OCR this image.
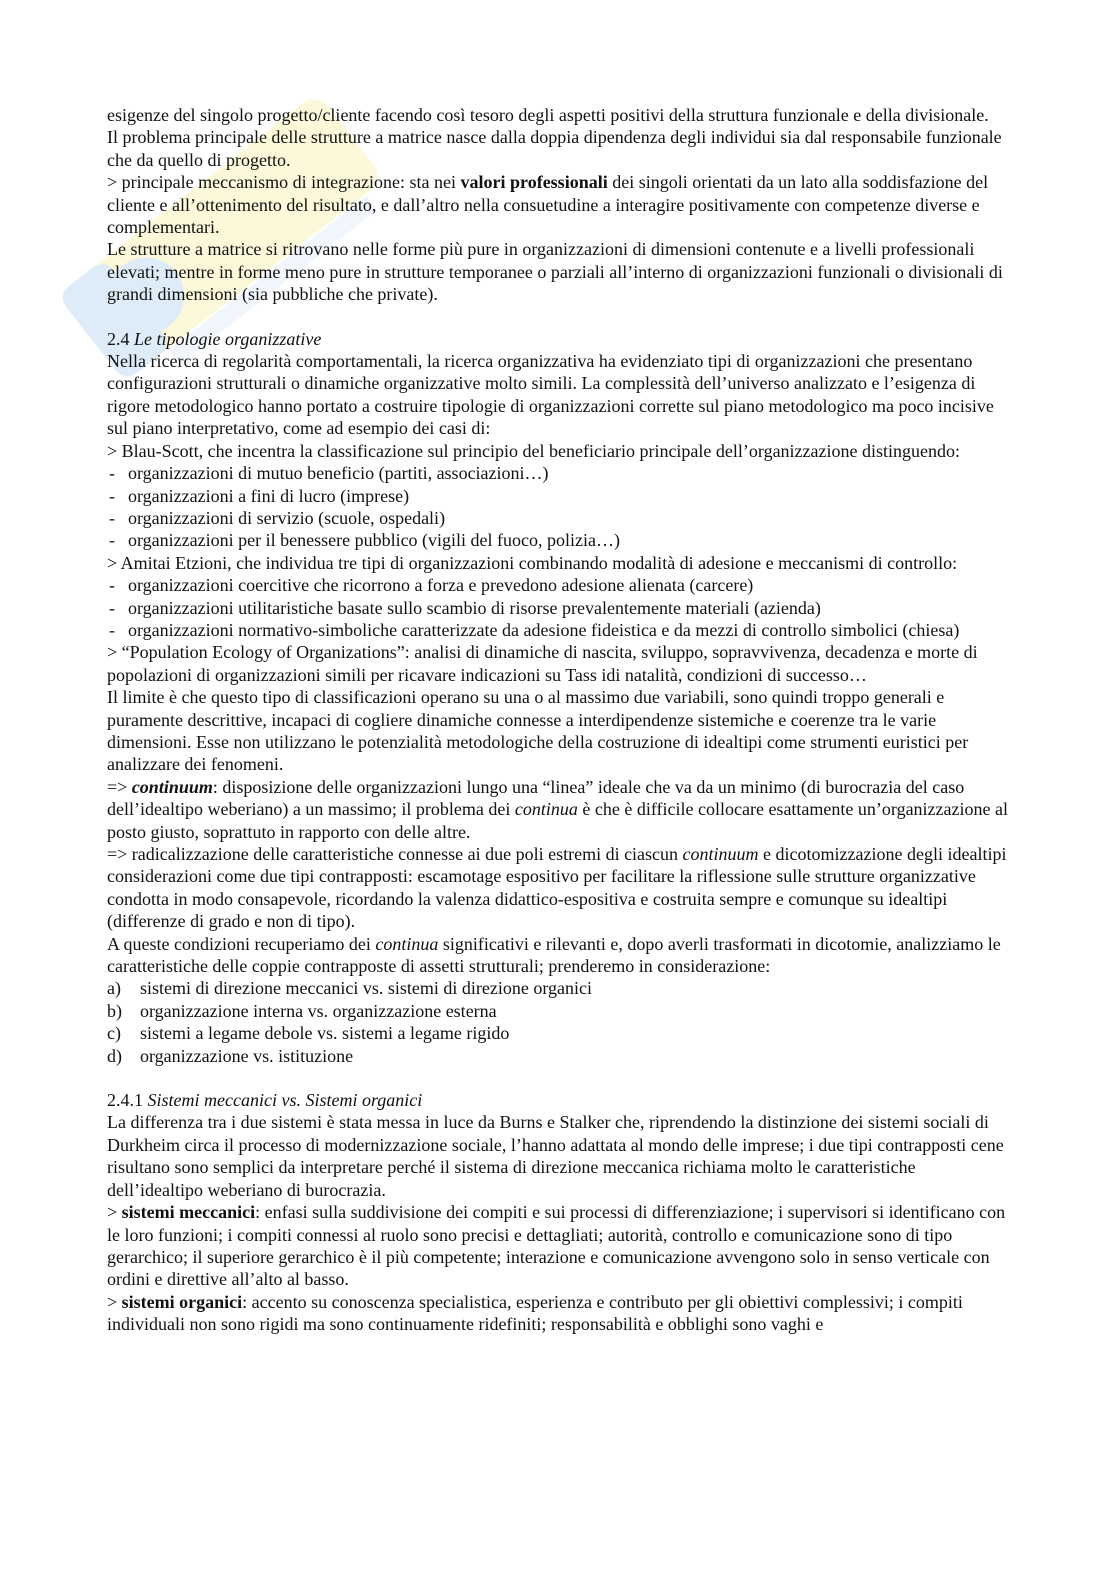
esigenze del singolo progetto/cliente facendo così tesoro degli aspetti positivi della struttura funzionale e della divisionale.

Il problema principale delle strutture a matrice nasce dalla doppia dipendenza degli individui sia dal responsabile funzionale che da quello di progetto.

> principale meccanismo di integrazione: sta nei valori professionali dei singoli orientati da un lato alla soddisfazione del cliente e all’ottenimento del risultato, e dall’altro nella consuetudine a interagire positivamente con competenze diverse e complementari.

Le strutture a matrice si ritrovano nelle forme più pure in organizzazioni di dimensioni contenute e a livelli professionali elevati; mentre in forme meno pure in strutture temporanee o parziali all’interno di organizzazioni funzionali o divisionali di grandi dimensioni (sia pubbliche che private).

2.4 Le tipologie organizzative

Nella ricerca di regolarità comportamentali, la ricerca organizzativa ha evidenziato tipi di organizzazioni che presentano configurazioni strutturali o dinamiche organizzative molto simili. La complessità dell’universo analizzato e l’esigenza di rigore metodologico hanno portato a costruire tipologie di organizzazioni corrette sul piano metodologico ma poco incisive sul piano interpretativo, come ad esempio dei casi di:

> Blau-Scott, che incentra la classificazione sul principio del beneficiario principale dell’organizzazione distinguendo:

- organizzazioni di mutuo beneficio (partiti, associazioni…)
- organizzazioni a fini di lucro (imprese)
- organizzazioni di servizio (scuole, ospedali)
- organizzazioni per il benessere pubblico (vigili del fuoco, polizia…)

> Amitai Etzioni, che individua tre tipi di organizzazioni combinando modalità di adesione e meccanismi di controllo:

- organizzazioni coercitive che ricorrono a forza e prevedono adesione alienata (carcere)
- organizzazioni utilitaristiche basate sullo scambio di risorse prevalentemente materiali (azienda)
- organizzazioni normativo-simboliche caratterizzate da adesione fideistica e da mezzi di controllo simbolici (chiesa)

> “Population Ecology of Organizations”: analisi di dinamiche di nascita, sviluppo, sopravvivenza, decadenza e morte di popolazioni di organizzazioni simili per ricavare indicazioni su Tass idi natalità, condizioni di successo…

Il limite è che questo tipo di classificazioni operano su una o al massimo due variabili, sono quindi troppo generali e puramente descrittive, incapaci di cogliere dinamiche connesse a interdipendenze sistemiche e coerenze tra le varie dimensioni. Esse non utilizzano le potenzialità metodologiche della costruzione di idealtipi come strumenti euristici per analizzare dei fenomeni.

=> continuum: disposizione delle organizzazioni lungo una “linea” ideale che va da un minimo (di burocrazia del caso dell’idealtipo weberiano) a un massimo; il problema dei continua è che è difficile collocare esattamente un’organizzazione al posto giusto, soprattuto in rapporto con delle altre.

=> radicalizzazione delle caratteristiche connesse ai due poli estremi di ciascun continuum e dicotomizzazione degli idealtipi considerazioni come due tipi contrapposti: escamotage espositivo per facilitare la riflessione sulle strutture organizzative condotta in modo consapevole, ricordando la valenza didattico-espositiva e costruita sempre e comunque su idealtipi (differenze di grado e non di tipo).

A queste condizioni recuperiamo dei continua significativi e rilevanti e, dopo averli trasformati in dicotomie, analizziamo le caratteristiche delle coppie contrapposte di assetti strutturali; prenderemo in considerazione:

a) sistemi di direzione meccanici vs. sistemi di direzione organici
b) organizzazione interna vs. organizzazione esterna
c) sistemi a legame debole vs. sistemi a legame rigido
d) organizzazione vs. istituzione

2.4.1 Sistemi meccanici vs. Sistemi organici

La differenza tra i due sistemi è stata messa in luce da Burns e Stalker che, riprendendo la distinzione dei sistemi sociali di Durkheim circa il processo di modernizzazione sociale, l’hanno adattata al mondo delle imprese; i due tipi contrapposti cene risultano sono semplici da interpretare perché il sistema di direzione meccanica richiama molto le caratteristiche dell’idealtipo weberiano di burocrazia.

> sistemi meccanici: enfasi sulla suddivisione dei compiti e sui processi di differenziazione; i supervisori si identificano con le loro funzioni; i compiti connessi al ruolo sono precisi e dettagliati; autorità, controllo e comunicazione sono di tipo gerarchico; il superiore gerarchico è il più competente; interazione e comunicazione avvengono solo in senso verticale con ordini e direttive all’alto al basso.

> sistemi organici: accento su conoscenza specialistica, esperienza e contributo per gli obiettivi complessivi; i compiti individuali non sono rigidi ma sono continuamente ridefiniti; responsabilità e obblighi sono vaghi e
